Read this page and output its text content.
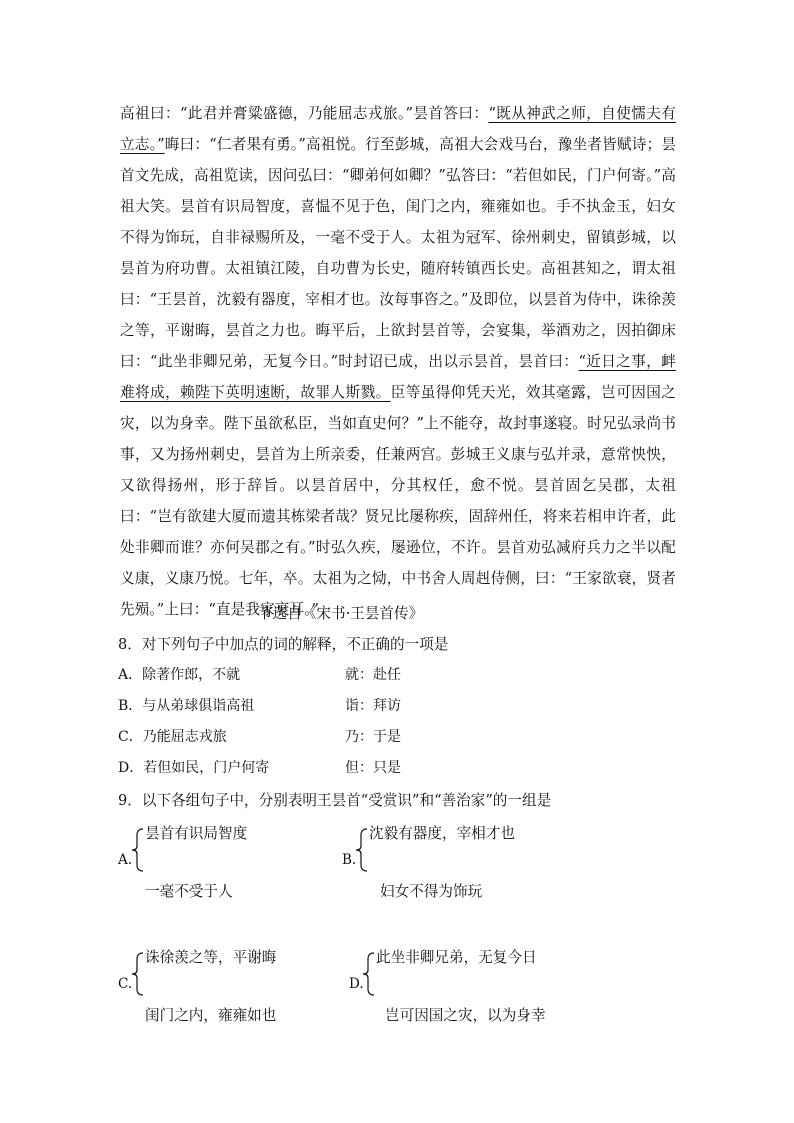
高祖曰：“此君并膏粱盛德，乃能屈志戎旅。”昙首答曰：“既从神武之师，自使懦夫有立志。”晦曰：“仁者果有勇。”高祖悦。行至彭城，高祖大会戏马台，豫坐者皆赋诗；昙首文先成，高祖览读，因问弘曰：“卿弟何如卿？”弘答曰：“若但如民，门户何寄。”高祖大笑。昙首有识局智度，喜愠不见于色，闺门之内，雍雍如也。手不执金玉，妇女不得为饰玩，自非禄赐所及，一毫不受于人。太祖为冠军、徐州刺史，留镇彭城，以昙首为府功曹。太祖镇江陵，自功曹为长史，随府转镇西长史。高祖甚知之，谓太祖曰：“王昙首，沈毅有器度，宰相才也。汝每事咨之。”及即位，以昙首为侍中，诛徐羡之等，平谢晦，昙首之力也。晦平后，上欲封昙首等，会宴集，举酒劝之，因拍御床曰：“此坐非卿兄弟，无复今日。”时封诏已成，出以示昙首，昙首曰：“近日之事，衅难将成，赖陛下英明速断，故罪人斯戮。臣等虽得仰凭天光，效其毫露，岂可因国之灾，以为身幸。陛下虽欲私臣，当如直史何？”上不能夺，故封事遂寝。时兄弘录尚书事，又为扬州刺史，昙首为上所亲委，任兼两宫。彭城王义康与弘并录，意常怏怏，又欲得扬州，形于辞旨。以昙首居中，分其权任，愈不悦。昙首固乞吴郡，太祖曰：“岂有欲建大厦而遗其栋梁者哉？贤兄比屡称疾，固辞州任，将来若相申许者，此处非卿而谁？亦何吴郡之有。”时弘久疾，屡逊位，不许。昙首劝弘减府兵力之半以配义康，义康乃悦。七年，卒。太祖为之恸，中书舍人周赳侍侧，曰：“王家欲衰，贤者先殒。”上曰：“直是我家衰耳。”
节选自《宋书·王昙首传》
8．对下列句子中加点的词的解释，不正确的一项是
A．除著作郎，不就	就：赴任
B．与从弟球俱诣高祖	诣：拜访
C．乃能屈志戎旅	乃：于是
D．若但如民，门户何寄	但：只是
9．以下各组句子中，分别表明王昙首“受赏识”和“善治家”的一组是
A.
昙首有识局智度
一毫不受于人
B.
沈毅有器度，宰相才也
妇女不得为饰玩
C.
诛徐羡之等，平谢晦
闺门之内，雍雍如也
D.
此坐非卿兄弟，无复今日
岂可因国之灾，以为身幸
